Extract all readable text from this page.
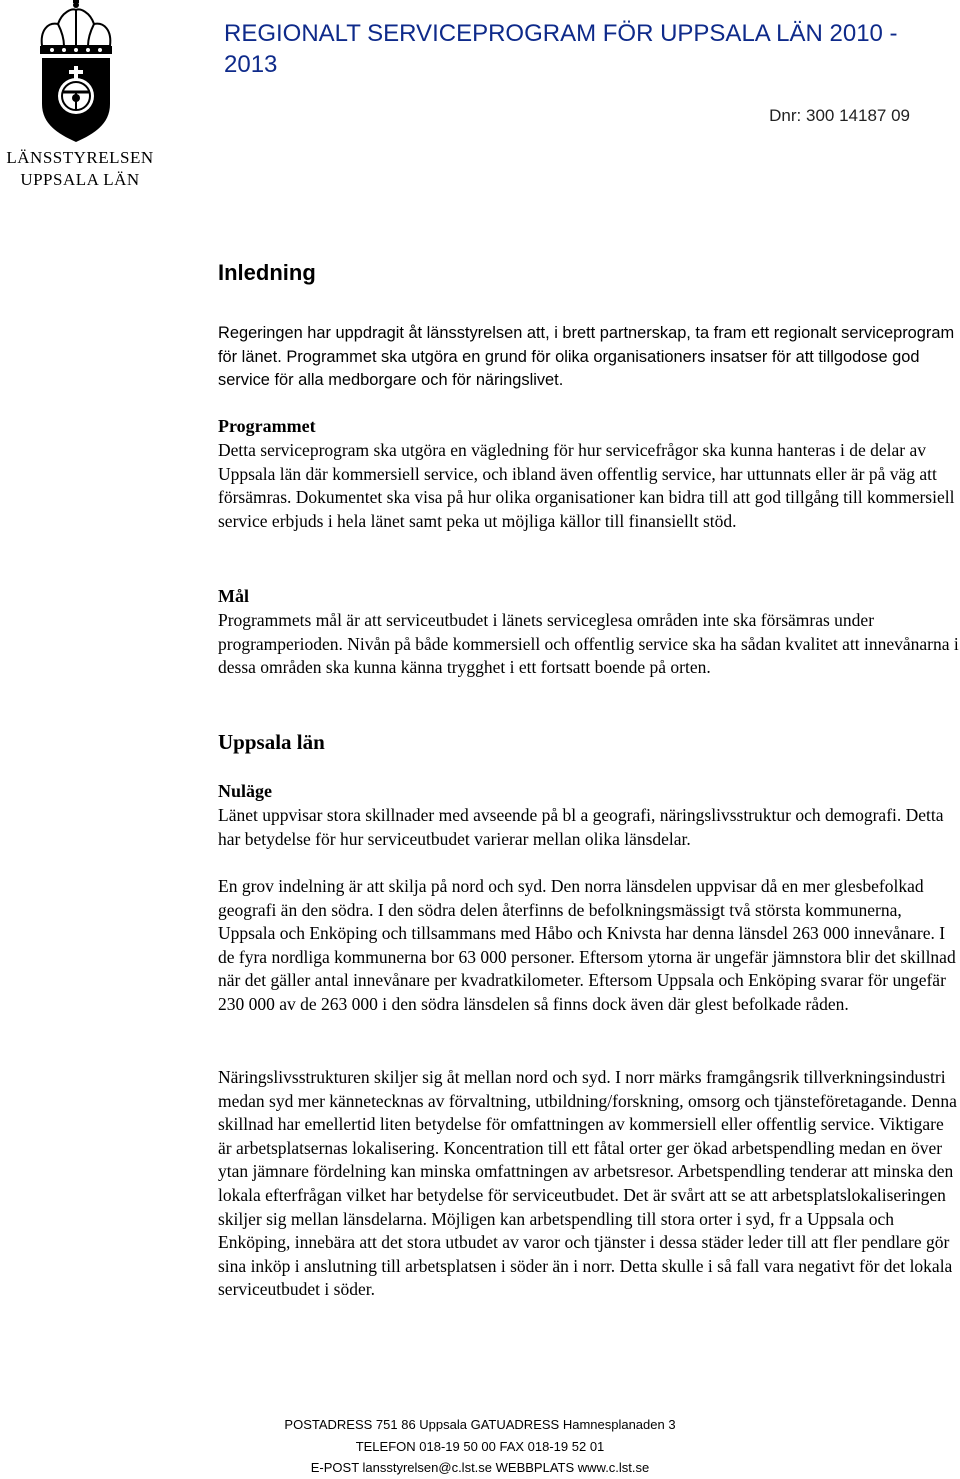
LÄNSSTYRELSEN
UPPSALA LÄN
REGIONALT SERVICEPROGRAM FÖR UPPSALA LÄN 2010 - 2013
Dnr: 300 14187 09
Inledning

Regeringen har uppdragit åt länsstyrelsen att, i brett partnerskap, ta fram ett regionalt serviceprogram för länet. Programmet ska utgöra en grund för olika organisationers insatser för att tillgodose god service för alla medborgare och för näringslivet.

Programmet

Detta serviceprogram ska utgöra en vägledning för hur servicefrågor ska kunna hanteras i de delar av Uppsala län där kommersiell service, och ibland även offentlig service, har uttunnats eller är på väg att försämras. Dokumentet ska visa på hur olika organisationer kan bidra till att god tillgång till kommersiell service erbjuds i hela länet samt peka ut möjliga källor till finansiellt stöd.

Mål

Programmets mål är att serviceutbudet i länets serviceglesa områden inte ska försämras under programperioden. Nivån på både kommersiell och offentlig service ska ha sådan kvalitet att innevånarna i dessa områden ska kunna känna trygghet i ett fortsatt boende på orten.

Uppsala län
Nuläge

Länet uppvisar stora skillnader med avseende på bl a geografi, näringslivsstruktur och demografi. Detta har betydelse för hur serviceutbudet varierar mellan olika länsdelar.

En grov indelning är att skilja på nord och syd. Den norra länsdelen uppvisar då en mer glesbefolkad geografi än den södra. I den södra delen återfinns de befolkningsmässigt två största kommunerna, Uppsala och Enköping och tillsammans med Håbo och Knivsta har denna länsdel 263 000 innevånare. I de fyra nordliga kommunerna bor 63 000 personer. Eftersom ytorna är ungefär jämnstora blir det skillnad när det gäller antal innevånare per kvadratkilometer. Eftersom Uppsala och Enköping svarar för ungefär 230 000 av de 263 000 i den södra länsdelen så finns dock även där glest befolkade råden.

Näringslivsstrukturen skiljer sig åt mellan nord och syd. I norr märks framgångsrik tillverkningsindustri medan syd mer kännetecknas av förvaltning, utbildning/forskning, omsorg och tjänsteföretagande. Denna skillnad har emellertid liten betydelse för omfattningen av kommersiell eller offentlig service. Viktigare är arbetsplatsernas lokalisering. Koncentration till ett fåtal orter ger ökad arbetspendling medan en över ytan jämnare fördelning kan minska omfattningen av arbetsresor. Arbetspendling tenderar att minska den lokala efterfrågan vilket har betydelse för serviceutbudet. Det är svårt att se att arbetsplatslokaliseringen skiljer sig mellan länsdelarna. Möjligen kan arbetspendling till stora orter i syd, fr a Uppsala och Enköping, innebära att det stora utbudet av varor och tjänster i dessa städer leder till att fler pendlare gör sina inköp i anslutning till arbetsplatsen i söder än i norr. Detta skulle i så fall vara negativt för det lokala serviceutbudet i söder.

POSTADRESS 751 86 Uppsala GATUADRESS Hamnesplanaden 3
TELEFON 018-19 50 00 FAX 018-19 52 01
E-POST lansstyrelsen@c.lst.se WEBBPLATS www.c.lst.se
